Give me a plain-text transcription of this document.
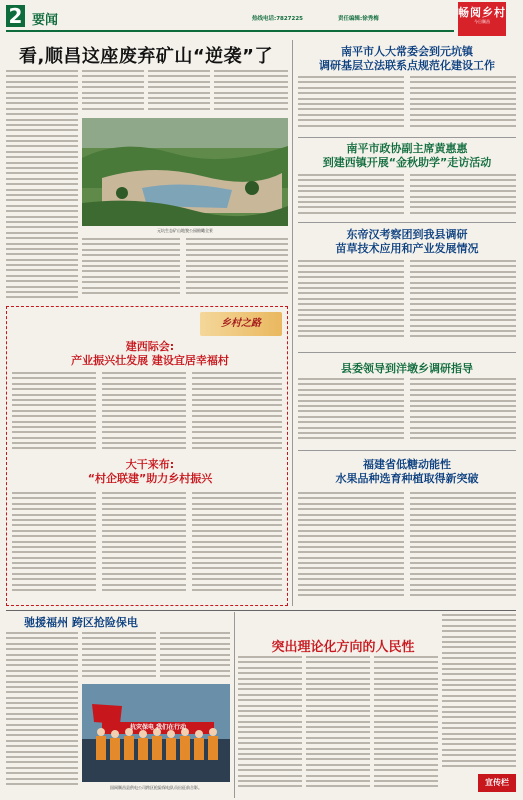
2 要闻	热线电话:7827225	责任编辑:徐秀梅	畅阅乡村
今日顺昌
看,顺昌这座废弃矿山“逆袭”了
元坑生态矿山地貌公园俯瞰全景
南平市人大常委会到元坑镇
调研基层立法联系点规范化建设工作
南平市政协副主席黄惠惠
到建西镇开展“金秋助学”走访活动
东帝汉考察团到我县调研
苗草技术应用和产业发展情况
县委领导到洋墩乡调研指导
福建省低糖动能性
水果品种选育种植取得新突破
乡村之路
建西际会:
产业振兴壮发展 建设宜居幸福村
大干来布:
“村企联建”助力乡村振兴
驰援福州 跨区抢险保电
抗灾保电 我们在行动
国网顺昌县供电公司跨区抢险保电队员出征前合影。
突出理论化方向的人民性
宣传栏
